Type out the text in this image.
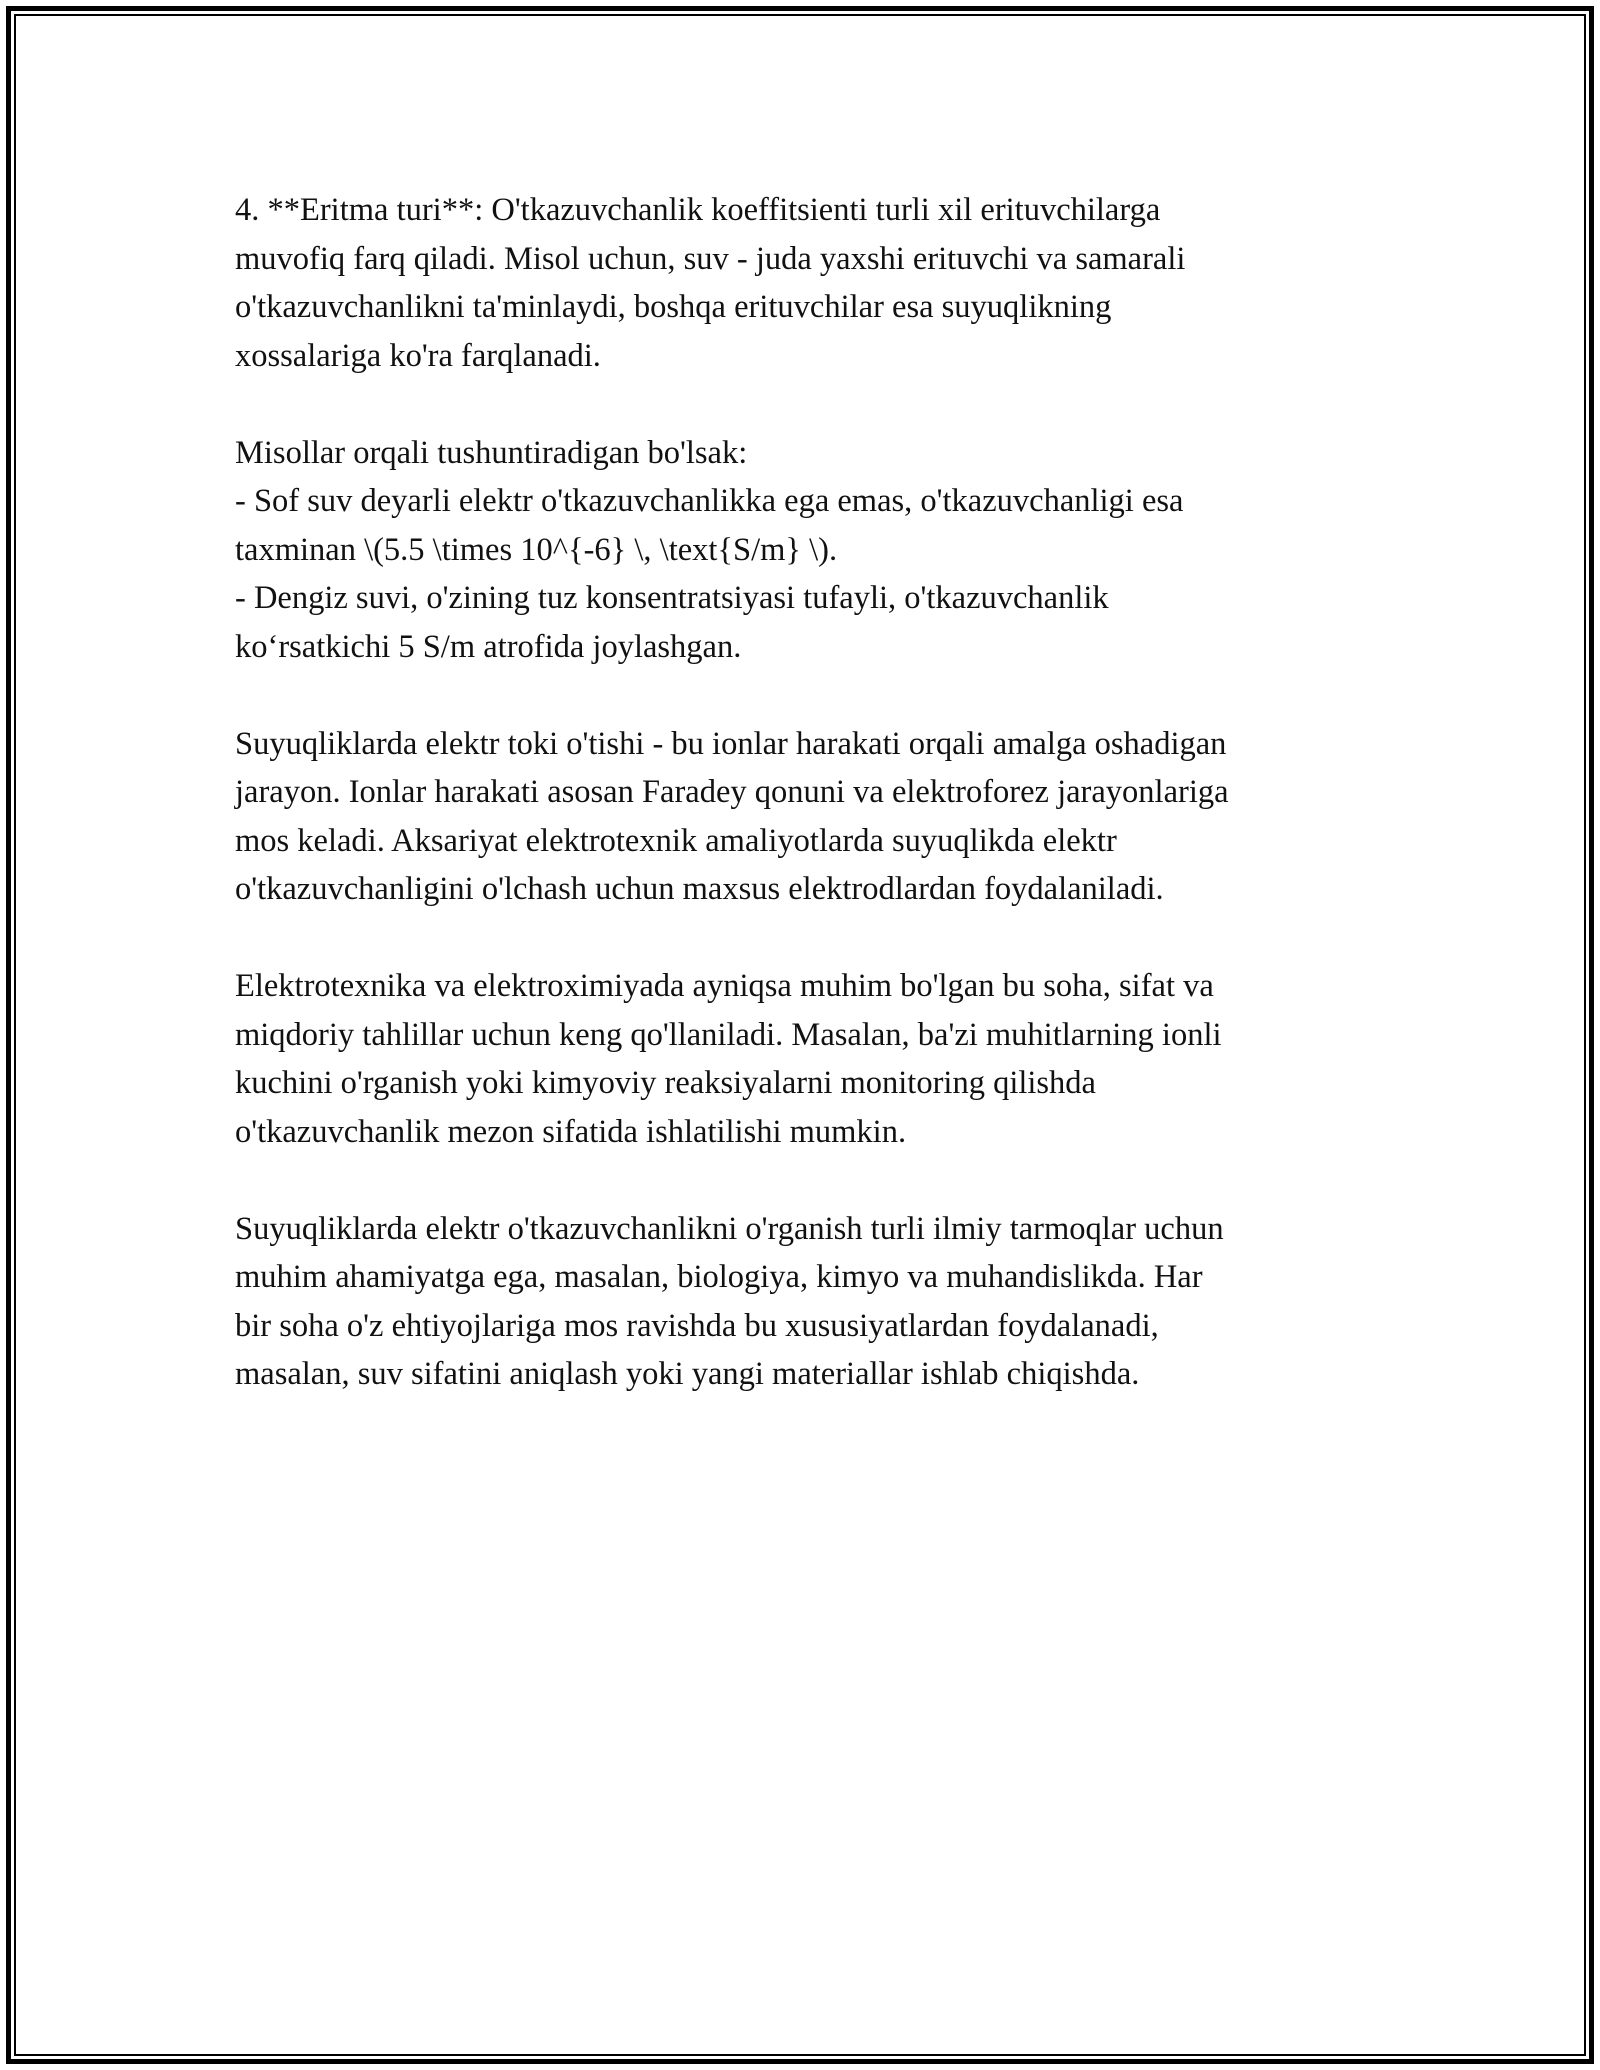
4. **Eritma turi**: O'tkazuvchanlik koeffitsienti turli xil erituvchilarga
muvofiq farq qiladi. Misol uchun, suv - juda yaxshi erituvchi va samarali
o'tkazuvchanlikni ta'minlaydi, boshqa erituvchilar esa suyuqlikning
xossalariga ko'ra farqlanadi.

Misollar orqali tushuntiradigan bo'lsak:
- Sof suv deyarli elektr o'tkazuvchanlikka ega emas, o'tkazuvchanligi esa
taxminan \(5.5 \times 10^{-6} \, \text{S/m} \).
- Dengiz suvi, o'zining tuz konsentratsiyasi tufayli, o'tkazuvchanlik
ko‘rsatkichi 5 S/m atrofida joylashgan.

Suyuqliklarda elektr toki o'tishi - bu ionlar harakati orqali amalga oshadigan
jarayon. Ionlar harakati asosan Faradey qonuni va elektroforez jarayonlariga
mos keladi. Aksariyat elektrotexnik amaliyotlarda suyuqlikda elektr
o'tkazuvchanligini o'lchash uchun maxsus elektrodlardan foydalaniladi.

Elektrotexnika va elektroximiyada ayniqsa muhim bo'lgan bu soha, sifat va
miqdoriy tahlillar uchun keng qo'llaniladi. Masalan, ba'zi muhitlarning ionli
kuchini o'rganish yoki kimyoviy reaksiyalarni monitoring qilishda
o'tkazuvchanlik mezon sifatida ishlatilishi mumkin.

Suyuqliklarda elektr o'tkazuvchanlikni o'rganish turli ilmiy tarmoqlar uchun
muhim ahamiyatga ega, masalan, biologiya, kimyo va muhandislikda. Har
bir soha o'z ehtiyojlariga mos ravishda bu xususiyatlardan foydalanadi,
masalan, suv sifatini aniqlash yoki yangi materiallar ishlab chiqishda.
